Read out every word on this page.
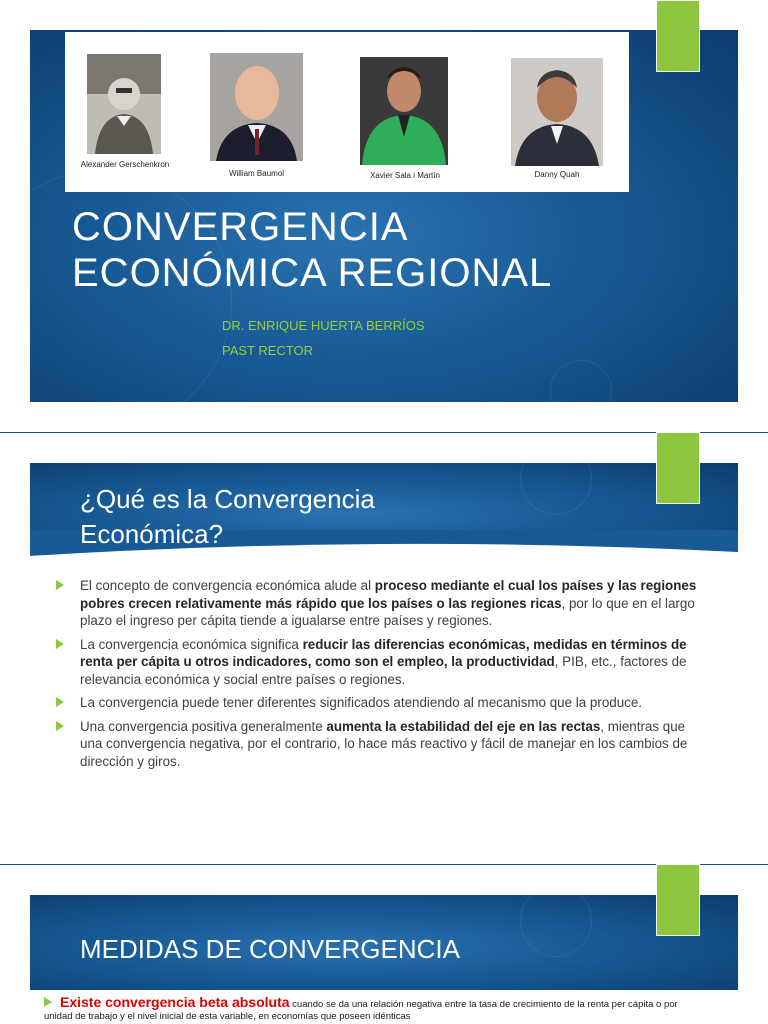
Alexander Gerschenkron
William Baumol	Xavier Sala i Martín	Danny Quah
CONVERGENCIA
ECONÓMICA REGIONAL
DR. ENRIQUE HUERTA BERRÍOS
PAST RECTOR
¿Qué es la Convergencia
Económica?
El concepto de convergencia económica alude al proceso mediante el cual los países y las regiones pobres crecen relativamente más rápido que los países o las regiones ricas, por lo que en el largo plazo el ingreso per cápita tiende a igualarse entre países y regiones.
La convergencia económica significa reducir las diferencias económicas, medidas en términos de renta per cápita u otros indicadores, como son el empleo, la productividad, PIB, etc., factores de relevancia económica y social entre países o regiones.
La convergencia puede tener diferentes significados atendiendo al mecanismo que la produce.
Una convergencia positiva generalmente aumenta la estabilidad del eje en las rectas, mientras que una convergencia negativa, por el contrario, lo hace más reactivo y fácil de manejar en los cambios de dirección y giros.
MEDIDAS DE CONVERGENCIA
Existe convergencia beta absoluta cuando se da una relación negativa entre la tasa de crecimiento de la renta per cápita o por unidad de trabajo y el nivel inicial de esta variable, en economías que poseen idénticas
